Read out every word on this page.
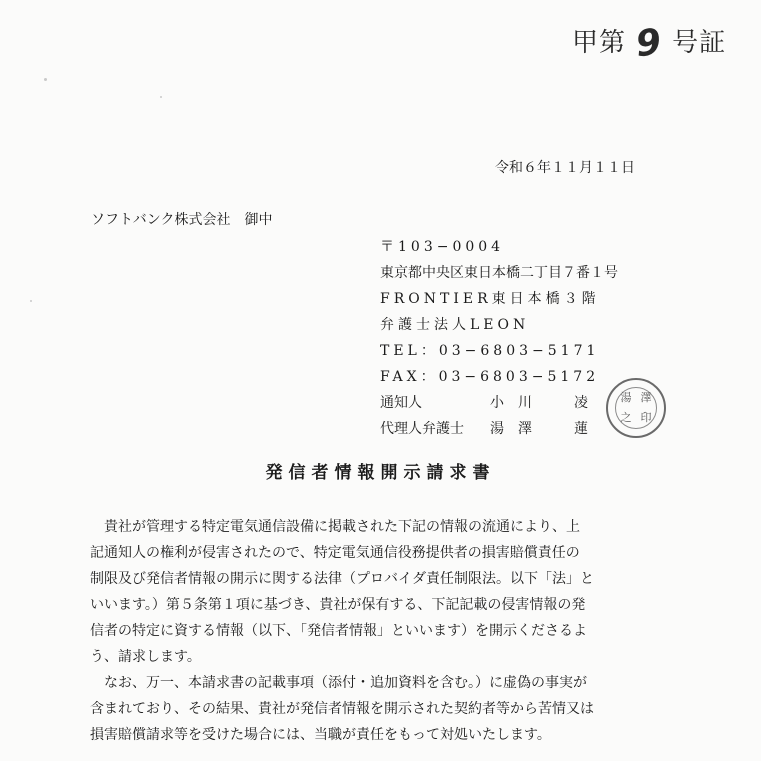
甲第 9 号証
令和６年１１月１１日
ソフトバンク株式会社　御中
〒103−0004
東京都中央区東日本橋二丁目７番１号
FRONTIER東日本橋３階
弁護士法人LEON
TEL：03−6803−5171
FAX：03−6803−5172
通知人	小川　凌
代理人弁護士 湯澤　蓮
湯 澤
之 印
発信者情報開示請求書

貴社が管理する特定電気通信設備に掲載された下記の情報の流通により、上
記通知人の権利が侵害されたので、特定電気通信役務提供者の損害賠償責任の
制限及び発信者情報の開示に関する法律（プロバイダ責任制限法。以下「法」と
いいます。）第５条第１項に基づき、貴社が保有する、下記記載の侵害情報の発
信者の特定に資する情報（以下、「発信者情報」といいます）を開示くださるよ
う、請求します。

なお、万一、本請求書の記載事項（添付・追加資料を含む。）に虚偽の事実が
含まれており、その結果、貴社が発信者情報を開示された契約者等から苦情又は
損害賠償請求等を受けた場合には、当職が責任をもって対処いたします。
